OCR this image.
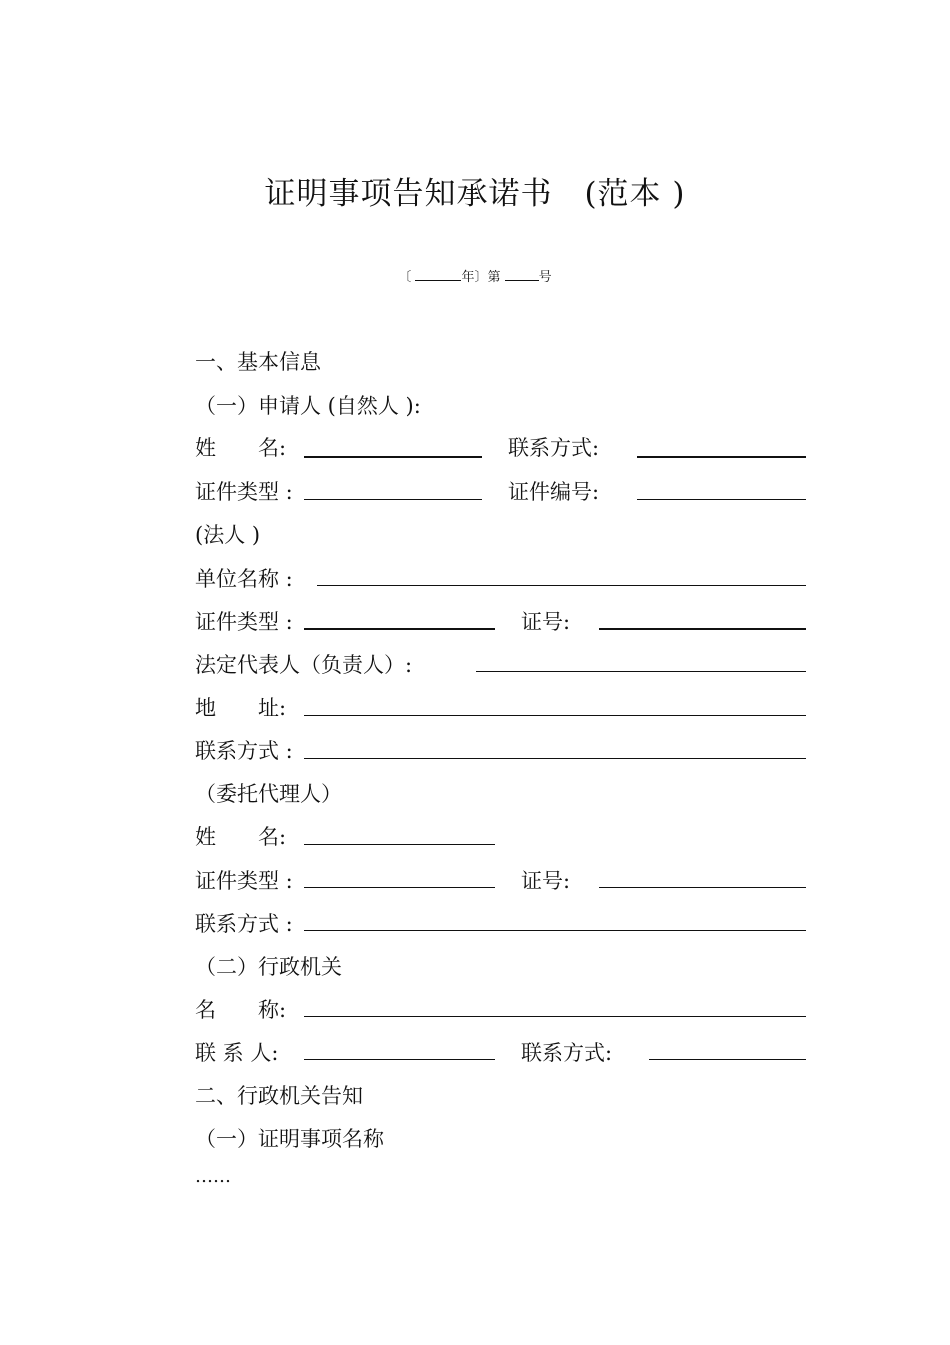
证明事项告知承诺书　(范本 )
〔	年〕第	号
一、基本信息
（一）申请人 (自然人 ):
姓　　名:	联系方式:
证件类型 :	证件编号:
(法人 )
单位名称 :
证件类型 :	证号:
法定代表人（负责人）:
地　　址:
联系方式 :
（委托代理人）
姓　　名:
证件类型 :	证号:
联系方式 :
（二）行政机关
名　　称:
联 系 人:	联系方式:
二、行政机关告知
（一）证明事项名称
……
